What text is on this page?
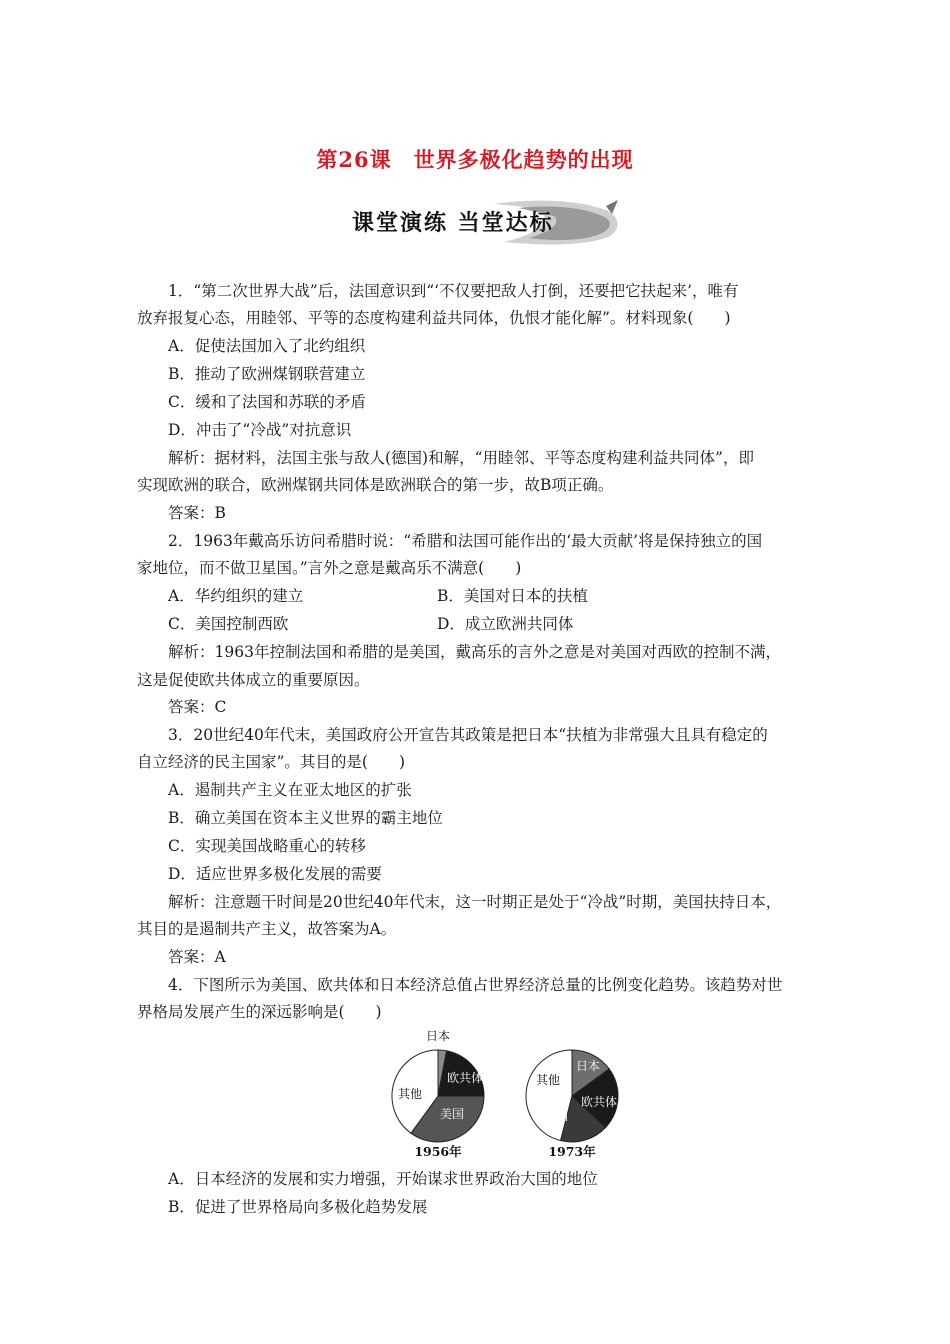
第26课　世界多极化趋势的出现
课堂演练 当堂达标
1．“第二次世界大战”后，法国意识到“‘不仅要把敌人打倒，还要把它扶起来’，唯有
放弃报复心态，用睦邻、平等的态度构建利益共同体，仇恨才能化解”。材料现象(　　)
A．促使法国加入了北约组织
B．推动了欧洲煤钢联营建立
C．缓和了法国和苏联的矛盾
D．冲击了“冷战”对抗意识
解析：据材料，法国主张与敌人(德国)和解，“用睦邻、平等态度构建利益共同体”，即
实现欧洲的联合，欧洲煤钢共同体是欧洲联合的第一步，故B项正确。
答案：B
2．1963年戴高乐访问希腊时说：“希腊和法国可能作出的‘最大贡献’将是保持独立的国
家地位，而不做卫星国。”言外之意是戴高乐不满意(　　)
A．华约组织的建立	B．美国对日本的扶植
C．美国控制西欧	D．成立欧洲共同体
解析：1963年控制法国和希腊的是美国，戴高乐的言外之意是对美国对西欧的控制不满，
这是促使欧共体成立的重要原因。
答案：C
3．20世纪40年代末，美国政府公开宣告其政策是把日本“扶植为非常强大且具有稳定的
自立经济的民主国家”。其目的是(　　)
A．遏制共产主义在亚太地区的扩张
B．确立美国在资本主义世界的霸主地位
C．实现美国战略重心的转移
D．适应世界多极化发展的需要
解析：注意题干时间是20世纪40年代末，这一时期正是处于“冷战”时期，美国扶持日本，
其目的是遏制共产主义，故答案为A。
答案：A
4．下图所示为美国、欧共体和日本经济总值占世界经济总量的比例变化趋势。该趋势对世
界格局发展产生的深远影响是(　　)
日本
欧共体
美国
其他
1956年
日本
欧共体
美国
其他
1973年
A．日本经济的发展和实力增强，开始谋求世界政治大国的地位
B．促进了世界格局向多极化趋势发展
